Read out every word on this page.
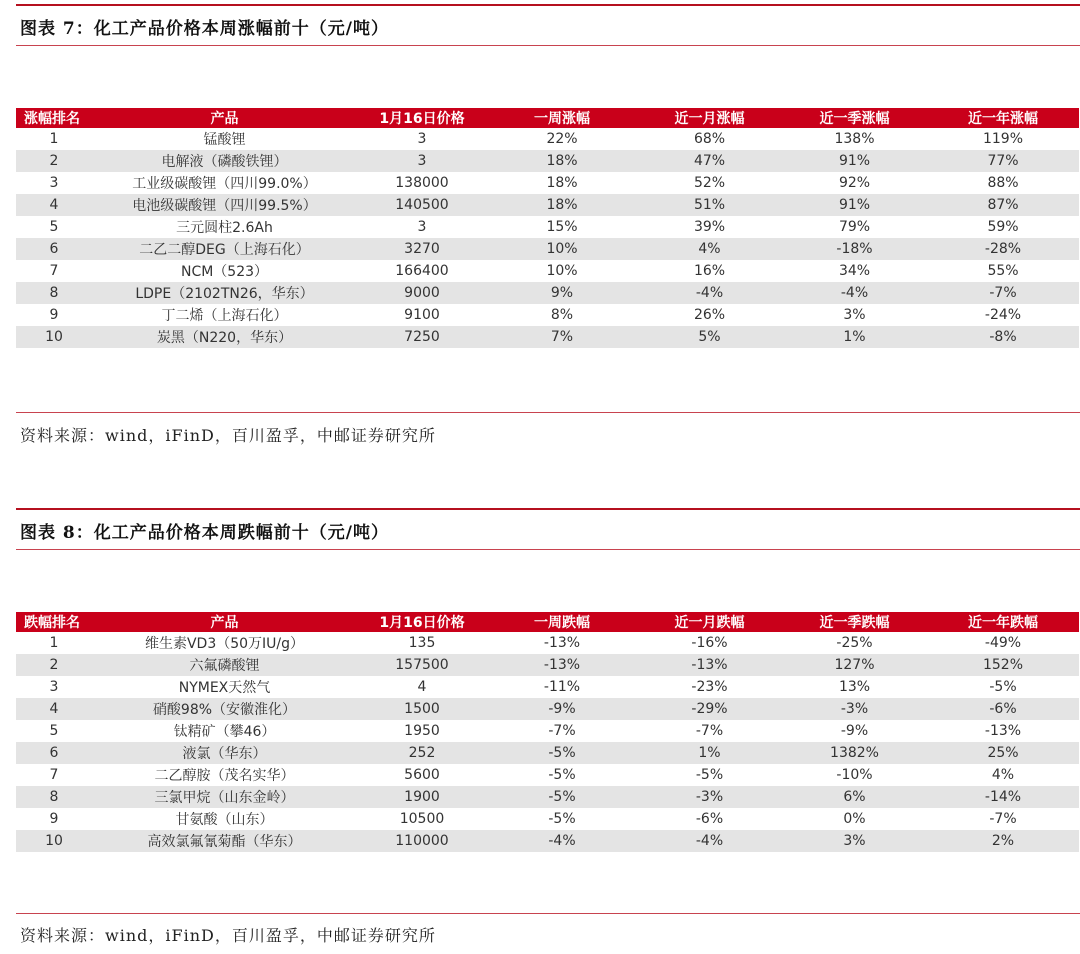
图表 7：化工产品价格本周涨幅前十（元/吨）
涨幅排名	产品	1月16日价格	一周涨幅	近一月涨幅	近一季涨幅	近一年涨幅
1	锰酸锂	3	22%	68%	138%	119%
2	电解液（磷酸铁锂）	3	18%	47%	91%	77%
3	工业级碳酸锂（四川99.0%）	138000	18%	52%	92%	88%
4	电池级碳酸锂（四川99.5%）	140500	18%	51%	91%	87%
5	三元圆柱2.6Ah	3	15%	39%	79%	59%
6	二乙二醇DEG（上海石化）	3270	10%	4%	-18%	-28%
7	NCM（523）	166400	10%	16%	34%	55%
8	LDPE（2102TN26，华东）	9000	9%	-4%	-4%	-7%
9	丁二烯（上海石化）	9100	8%	26%	3%	-24%
10	炭黑（N220，华东）	7250	7%	5%	1%	-8%
资料来源：wind，iFinD，百川盈孚，中邮证券研究所
图表 8：化工产品价格本周跌幅前十（元/吨）
跌幅排名	产品	1月16日价格	一周跌幅	近一月跌幅	近一季跌幅	近一年跌幅
1	维生素VD3（50万IU/g）	135	-13%	-16%	-25%	-49%
2	六氟磷酸锂	157500	-13%	-13%	127%	152%
3	NYMEX天然气	4	-11%	-23%	13%	-5%
4	硝酸98%（安徽淮化）	1500	-9%	-29%	-3%	-6%
5	钛精矿（攀46）	1950	-7%	-7%	-9%	-13%
6	液氯（华东）	252	-5%	1%	1382%	25%
7	二乙醇胺（茂名实华）	5600	-5%	-5%	-10%	4%
8	三氯甲烷（山东金岭）	1900	-5%	-3%	6%	-14%
9	甘氨酸（山东）	10500	-5%	-6%	0%	-7%
10	高效氯氟氰菊酯（华东）	110000	-4%	-4%	3%	2%
资料来源：wind，iFinD，百川盈孚，中邮证券研究所
